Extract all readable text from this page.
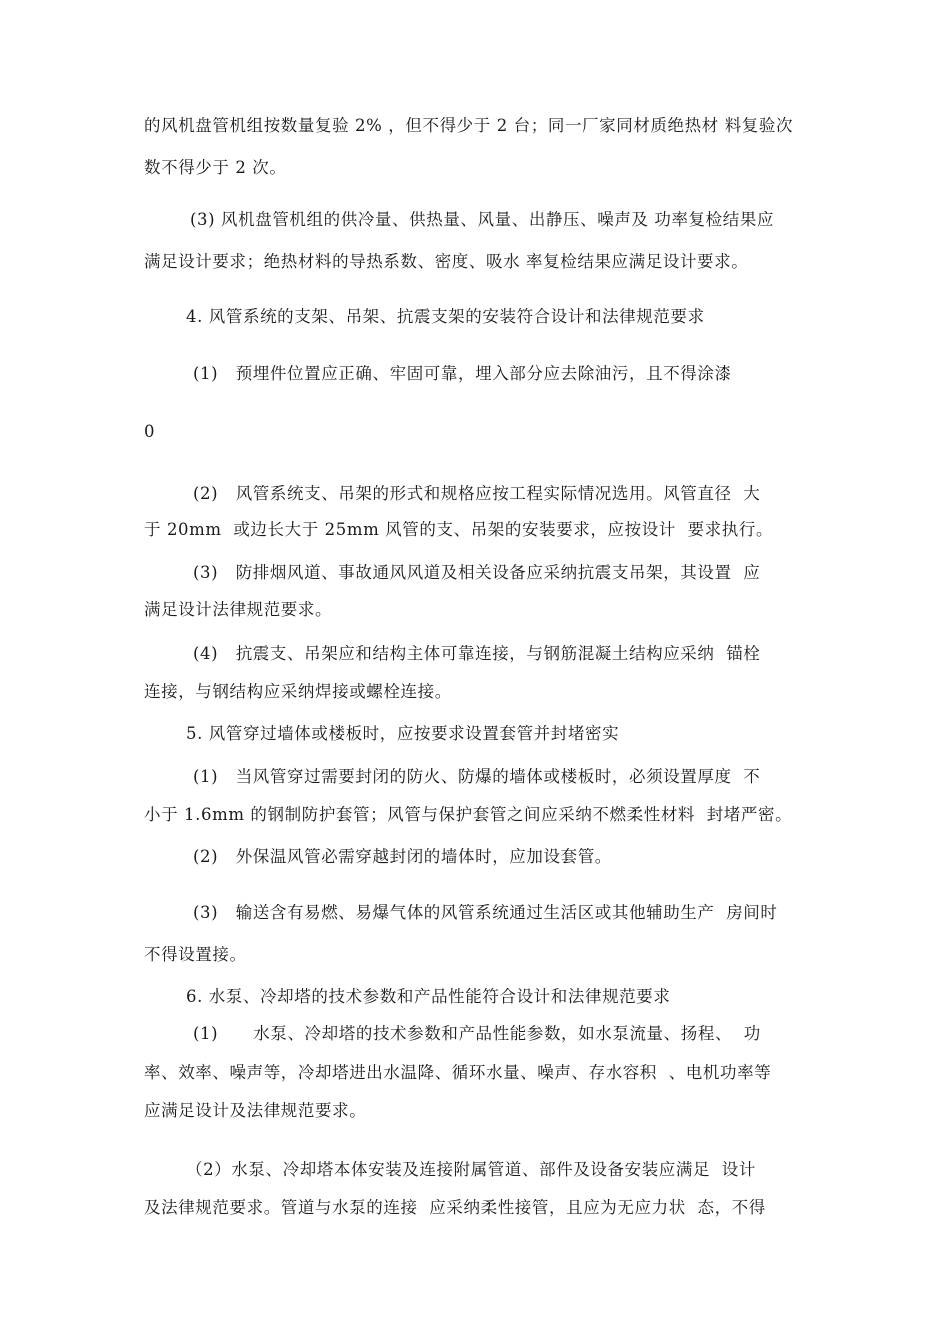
的风机盘管机组按数量复验 2% ，但不得少于 2 台；同一厂家同材质绝热材 料复验次
数不得少于 2 次。
(3) 风机盘管机组的供冷量、供热量、风量、出静压、噪声及 功率复检结果应
满足设计要求；绝热材料的导热系数、密度、吸水 率复检结果应满足设计要求。
4. 风管系统的支架、吊架、抗震支架的安装符合设计和法律规范要求
(1)   预埋件位置应正确、牢固可靠，埋入部分应去除油污，且不得涂漆
0
(2)   风管系统支、吊架的形式和规格应按工程实际情况选用。风管直径  大
于 20mm  或边长大于 25mm 风管的支、吊架的安装要求，应按设计  要求执行。
(3)   防排烟风道、事故通风风道及相关设备应采纳抗震支吊架，其设置  应
满足设计法律规范要求。
(4)   抗震支、吊架应和结构主体可靠连接，与钢筋混凝土结构应采纳  锚栓
连接，与钢结构应采纳焊接或螺栓连接。
5. 风管穿过墙体或楼板时，应按要求设置套管并封堵密实
(1)   当风管穿过需要封闭的防火、防爆的墙体或楼板时，必须设置厚度  不
小于 1.6mm 的钢制防护套管；风管与保护套管之间应采纳不燃柔性材料  封堵严密。
(2)   外保温风管必需穿越封闭的墙体时，应加设套管。
(3)   输送含有易燃、易爆气体的风管系统通过生活区或其他辅助生产  房间时
不得设置接。
6. 水泵、冷却塔的技术参数和产品性能符合设计和法律规范要求
(1)      水泵、冷却塔的技术参数和产品性能参数，如水泵流量、扬程、  功
率、效率、噪声等，冷却塔进出水温降、循环水量、噪声、存水容积  、电机功率等
应满足设计及法律规范要求。
（2）水泵、冷却塔本体安装及连接附属管道、部件及设备安装应满足  设计
及法律规范要求。管道与水泵的连接  应采纳柔性接管，且应为无应力状  态，不得
